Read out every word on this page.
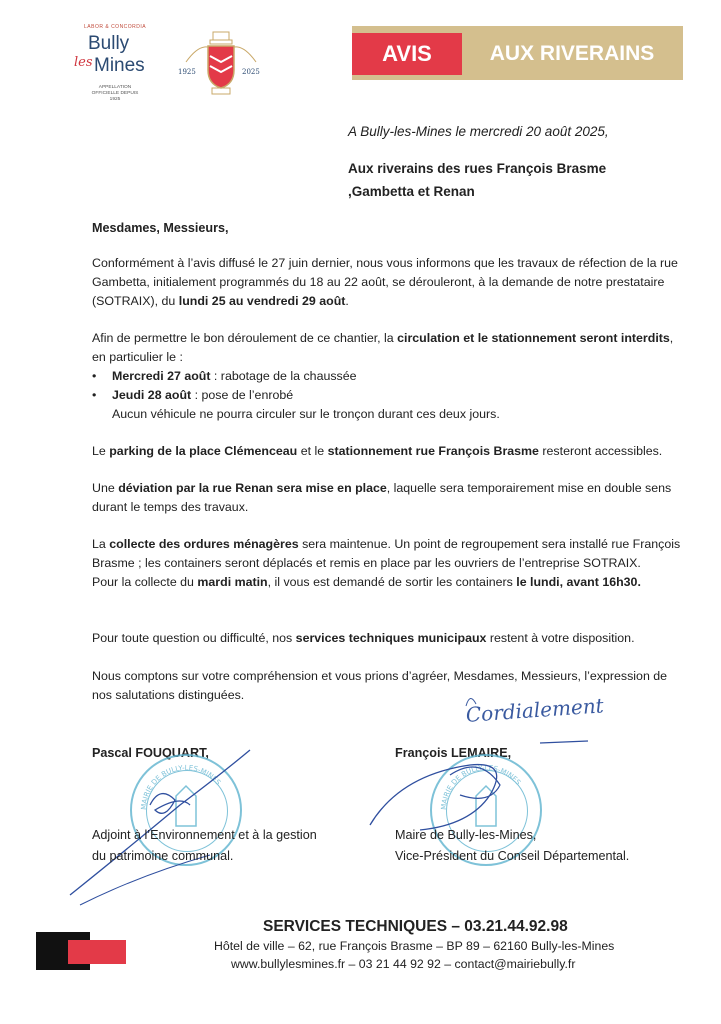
LABOR & CONCORDIA
Bully
les Mines
APPELLATION OFFICIELLE DEPUIS 1925
1925	2025
AVIS	AUX RIVERAINS
A Bully-les-Mines le mercredi 20 août 2025,
Aux riverains des rues François Brasme
,Gambetta et Renan
Mesdames, Messieurs,
Conformément à l’avis diffusé le 27 juin dernier, nous vous informons que les travaux de réfection de la rue Gambetta, initialement programmés du 18 au 22 août, se dérouleront, à la demande de notre prestataire (SOTRAIX), du lundi 25 au vendredi 29 août.
Afin de permettre le bon déroulement de ce chantier, la circulation et le stationnement seront interdits, en particulier le :
• Mercredi 27 août : rabotage de la chaussée
• Jeudi 28 août : pose de l’enrobé
Aucun véhicule ne pourra circuler sur le tronçon durant ces deux jours.
Le parking de la place Clémenceau et le stationnement rue François Brasme resteront accessibles.
Une déviation par la rue Renan sera mise en place, laquelle sera temporairement mise en double sens durant le temps des travaux.
La collecte des ordures ménagères sera maintenue. Un point de regroupement sera installé rue François Brasme ; les containers seront déplacés et remis en place par les ouvriers de l’entreprise SOTRAIX.
Pour la collecte du mardi matin, il vous est demandé de sortir les containers le lundi, avant 16h30.
Pour toute question ou difficulté, nos services techniques municipaux restent à votre disposition.
Nous comptons sur votre compréhension et vous prions d’agréer, Mesdames, Messieurs, l’expression de nos salutations distinguées.	Cordialement
Pascal FOUQUART,	François LEMAIRE,
MAIRIE DE BULLY-LES-MINES
MAIRIE DE BULLY-LES-MINES
Adjoint à l’Environnement et à la gestion
du patrimoine communal.
Maire de Bully-les-Mines,
Vice-Président du Conseil Départemental.
SERVICES TECHNIQUES – 03.21.44.92.98
Hôtel de ville – 62, rue François Brasme – BP 89 – 62160 Bully-les-Mines
www.bullylesmines.fr – 03 21 44 92 92 – contact@mairiebully.fr
